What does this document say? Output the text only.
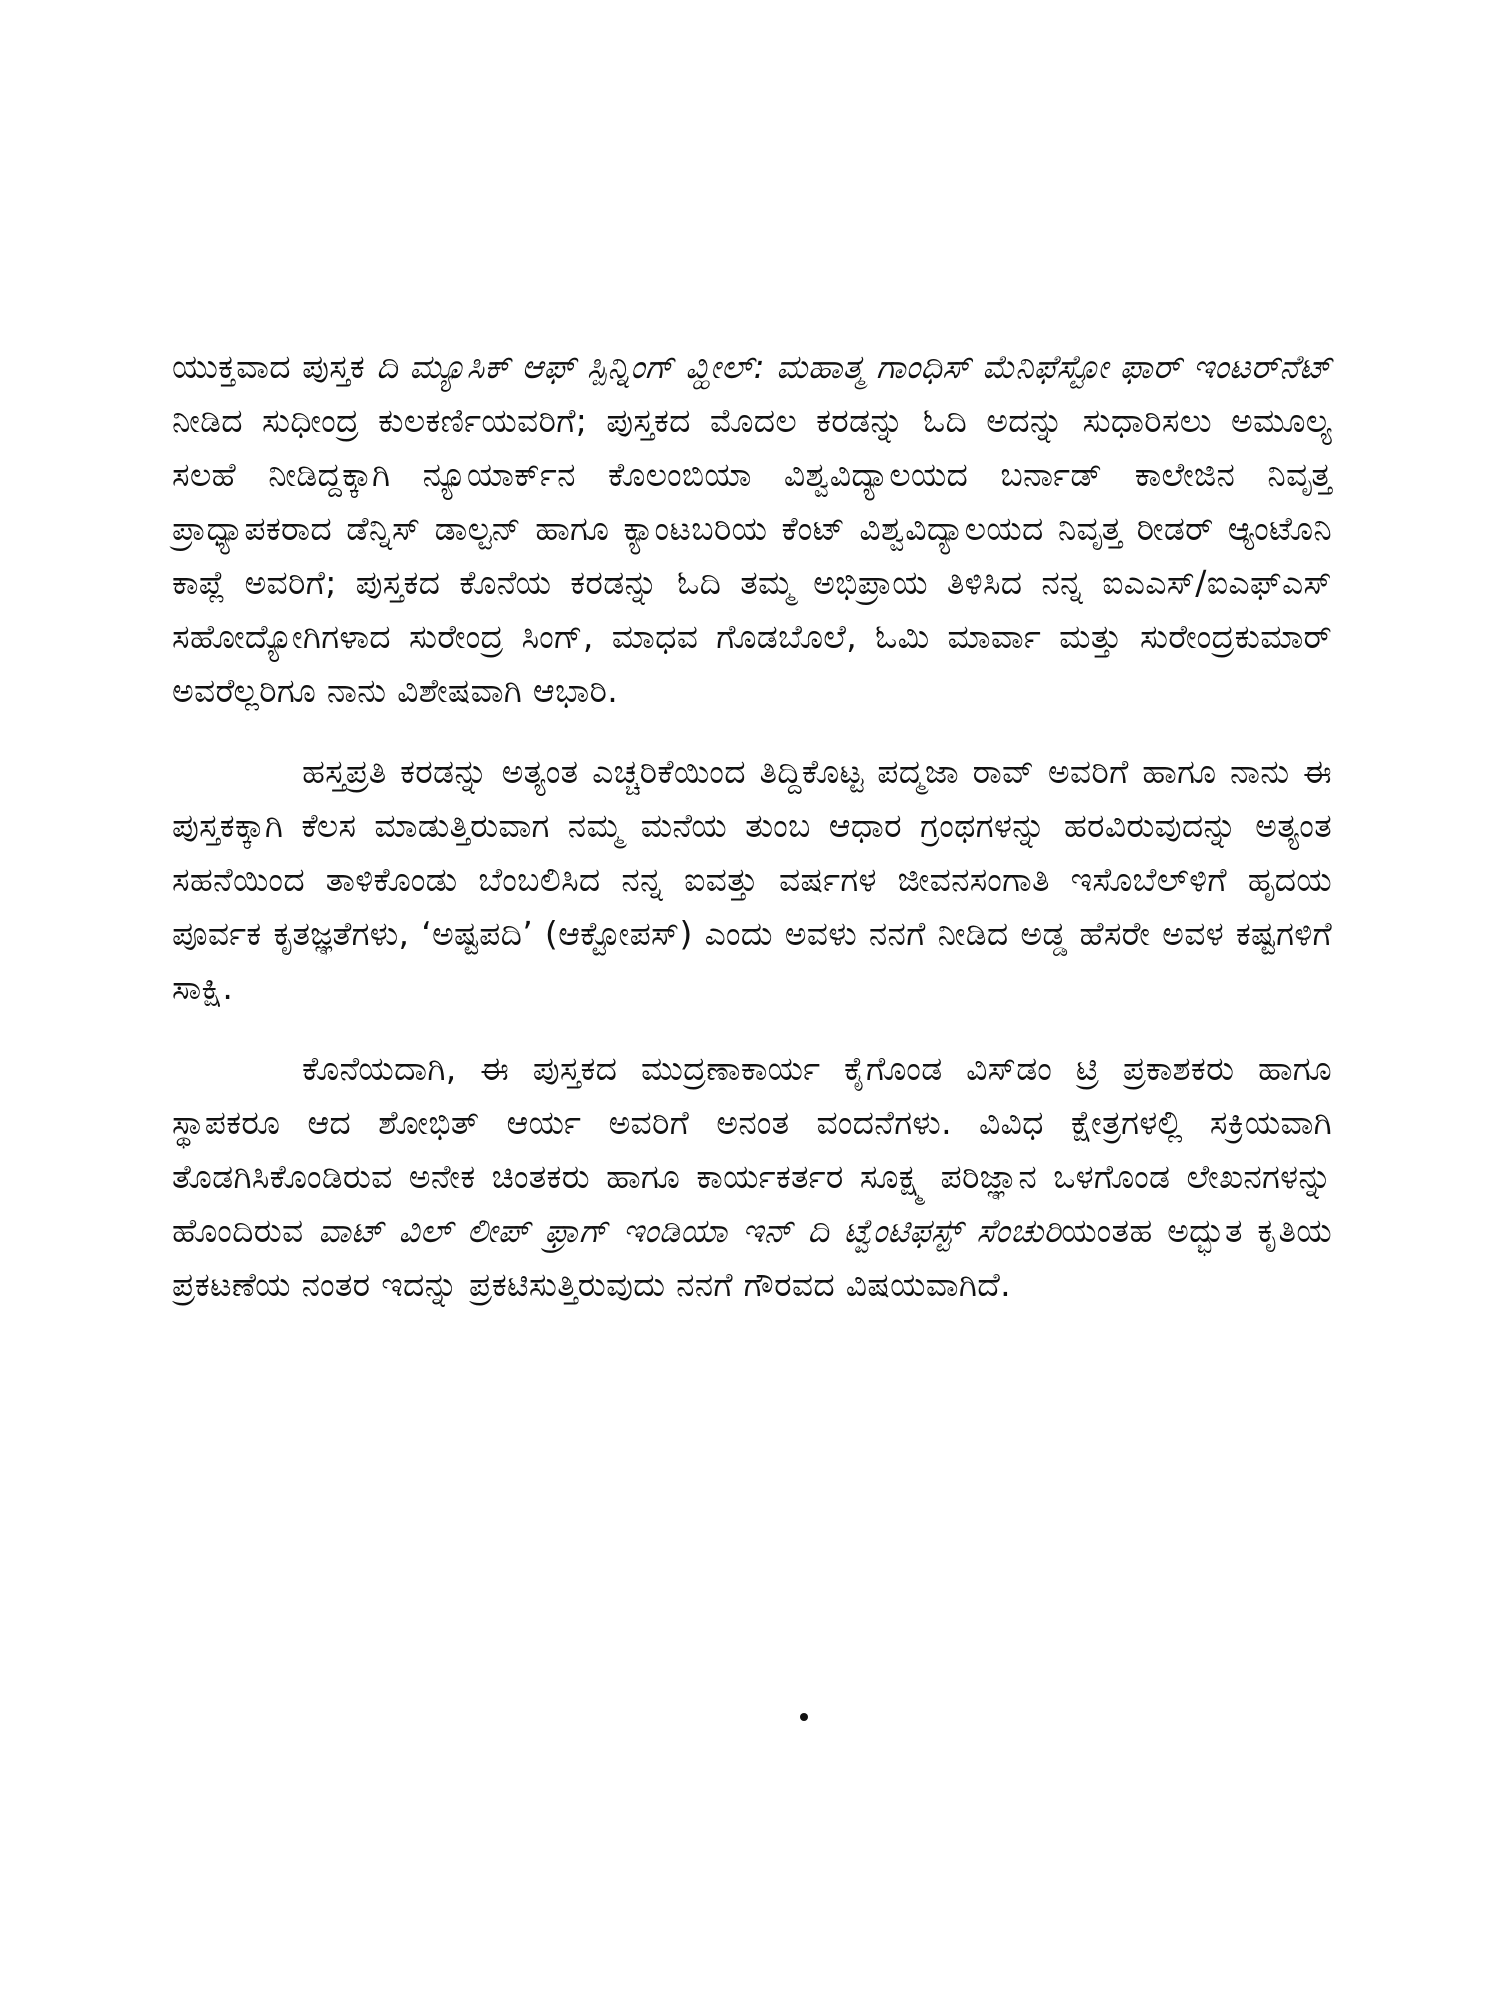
ಯುಕ್ತವಾದ ಪುಸ್ತಕ ದಿ ಮ್ಯೂಸಿಕ್ ಆಫ್ ಸ್ಪಿನ್ನಿಂಗ್ ವ್ಹೀಲ್: ಮಹಾತ್ಮ ಗಾಂಧಿಸ್ ಮೆನಿಫೆಸ್ಟೋ ಫಾರ್ ಇಂಟರ್‌ನೆಟ್ ನೀಡಿದ ಸುಧೀಂದ್ರ ಕುಲಕರ್ಣಿಯವರಿಗೆ; ಪುಸ್ತಕದ ಮೊದಲ ಕರಡನ್ನು ಓದಿ ಅದನ್ನು ಸುಧಾರಿಸಲು ಅಮೂಲ್ಯ ಸಲಹೆ ನೀಡಿದ್ದಕ್ಕಾಗಿ ನ್ಯೂಯಾರ್ಕ್‌ನ ಕೊಲಂಬಿಯಾ ವಿಶ್ವವಿದ್ಯಾಲಯದ ಬರ್ನಾಡ್ ಕಾಲೇಜಿನ ನಿವೃತ್ತ ಪ್ರಾಧ್ಯಾಪಕರಾದ ಡೆನ್ನಿಸ್ ಡಾಲ್ಟನ್ ಹಾಗೂ ಕ್ಯಾಂಟಬರಿಯ ಕೆಂಟ್ ವಿಶ್ವವಿದ್ಯಾಲಯದ ನಿವೃತ್ತ ರೀಡರ್ ಆ್ಯಂಟೊನಿ ಕಾಪ್ಲೆ ಅವರಿಗೆ; ಪುಸ್ತಕದ ಕೊನೆಯ ಕರಡನ್ನು ಓದಿ ತಮ್ಮ ಅಭಿಪ್ರಾಯ ತಿಳಿಸಿದ ನನ್ನ ಐಎಎಸ್/ಐಎಫ್‌ಎಸ್ ಸಹೋದ್ಯೋಗಿಗಳಾದ ಸುರೇಂದ್ರ ಸಿಂಗ್, ಮಾಧವ ಗೊಡಬೊಲೆ, ಓಮಿ ಮಾರ್ವಾ ಮತ್ತು ಸುರೇಂದ್ರಕುಮಾರ್ ಅವರೆಲ್ಲರಿಗೂ ನಾನು ವಿಶೇಷವಾಗಿ ಆಭಾರಿ.

ಹಸ್ತಪ್ರತಿ ಕರಡನ್ನು ಅತ್ಯಂತ ಎಚ್ಚರಿಕೆಯಿಂದ ತಿದ್ದಿಕೊಟ್ಟ ಪದ್ಮಜಾ ರಾವ್ ಅವರಿಗೆ ಹಾಗೂ ನಾನು ಈ ಪುಸ್ತಕಕ್ಕಾಗಿ ಕೆಲಸ ಮಾಡುತ್ತಿರುವಾಗ ನಮ್ಮ ಮನೆಯ ತುಂಬ ಆಧಾರ ಗ್ರಂಥಗಳನ್ನು ಹರವಿರುವುದನ್ನು ಅತ್ಯಂತ ಸಹನೆಯಿಂದ ತಾಳಿಕೊಂಡು ಬೆಂಬಲಿಸಿದ ನನ್ನ ಐವತ್ತು ವರ್ಷಗಳ ಜೀವನಸಂಗಾತಿ ಇಸೊಬೆಲ್‌ಳಿಗೆ ಹೃದಯ ಪೂರ್ವಕ ಕೃತಜ್ಞತೆಗಳು, ‘ಅಷ್ಟಪದಿ’ (ಆಕ್ಟೋಪಸ್) ಎಂದು ಅವಳು ನನಗೆ ನೀಡಿದ ಅಡ್ಡ ಹೆಸರೇ ಅವಳ ಕಷ್ಟಗಳಿಗೆ ಸಾಕ್ಷಿ.

ಕೊನೆಯದಾಗಿ, ಈ ಪುಸ್ತಕದ ಮುದ್ರಣಾಕಾರ್ಯ ಕೈಗೊಂಡ ವಿಸ್‌ಡಂ ಟ್ರಿ ಪ್ರಕಾಶಕರು ಹಾಗೂ ಸ್ಥಾಪಕರೂ ಆದ ಶೋಭಿತ್ ಆರ್ಯ ಅವರಿಗೆ ಅನಂತ ವಂದನೆಗಳು. ವಿವಿಧ ಕ್ಷೇತ್ರಗಳಲ್ಲಿ ಸಕ್ರಿಯವಾಗಿ ತೊಡಗಿಸಿಕೊಂಡಿರುವ ಅನೇಕ ಚಿಂತಕರು ಹಾಗೂ ಕಾರ್ಯಕರ್ತರ ಸೂಕ್ಷ್ಮ ಪರಿಜ್ಞಾನ ಒಳಗೊಂಡ ಲೇಖನಗಳನ್ನು ಹೊಂದಿರುವ ವಾಟ್ ವಿಲ್ ಲೀಪ್ ಫ್ರಾಗ್ ಇಂಡಿಯಾ ಇನ್ ದಿ ಟ್ವೆಂಟಿಫಸ್ಟ್ ಸೆಂಚುರಿಯಂತಹ ಅದ್ಭುತ ಕೃತಿಯ ಪ್ರಕಟಣೆಯ ನಂತರ ಇದನ್ನು ಪ್ರಕಟಿಸುತ್ತಿರುವುದು ನನಗೆ ಗೌರವದ ವಿಷಯವಾಗಿದೆ.
